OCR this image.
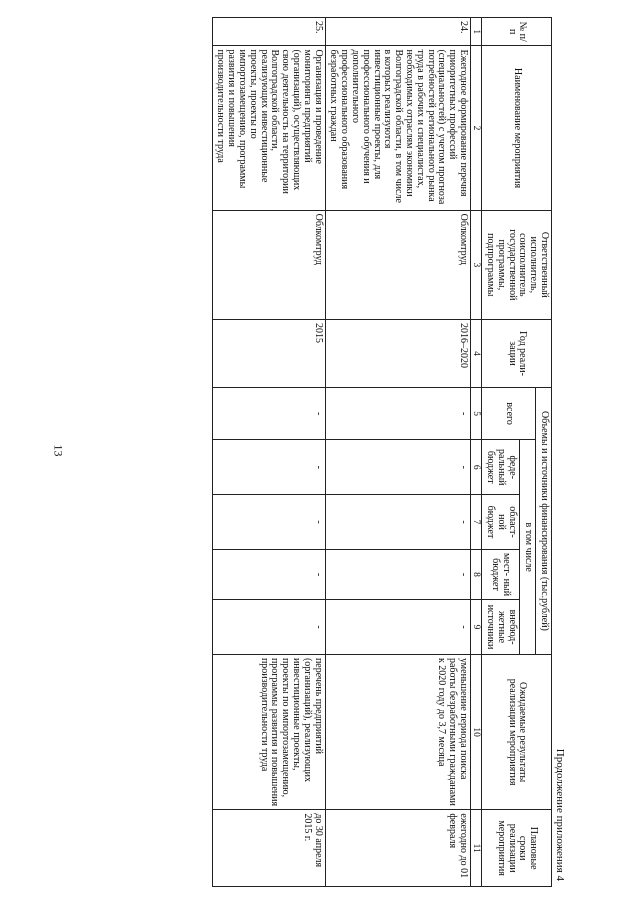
13
Продолжение приложения 4
№ п/п	Наименование мероприятия	Ответственный исполнитель, соисполнитель государственной программы, подпрограммы	Год реали- зации	Объемы и источники финансирования (тыс.рублей)					Ожидаемые результаты реализации мероприятия	Плановые сроки реализации мероприятия
				всего	в том числе					
					феде- ральный бюджет	област- ной бюджет	мест- ный бюджет	внебюд- жетные источники		
1	2	3	4	5	6	7	8	9	10	11
24.	Ежегодное формирование перечня приоритетных профессий (специальностей) с учетом прогноза потребностей регионального рынка труда в рабочих и специалистах, необходимых отраслям экономики Волгоградской области, в том числе в которых реализуются инвестиционные проекты, для профессионального обучения и дополнительного профессионального образования безработных граждан	Облкомтруд	2016–2020	-	-	-	-	-	уменьшение периода поиска работы безработными гражданами к 2020 году до 3,7 месяца	ежегодно до 01 февраля
25.	Организация и проведение мониторинга предприятий (организаций), осуществляющих свою деятельность на территории Волгоградской области, реализующих инвестиционные проекты, проекты по импортозамещению, программы развития и повышения производительности труда	Облкомтруд	2015	-	-	-	-	-	перечень предприятий (организаций), реализующих инвестиционные проекты, проекты по импортозамещению, программы развития и повышения производительности труда	до 30 апреля 2015 г.
